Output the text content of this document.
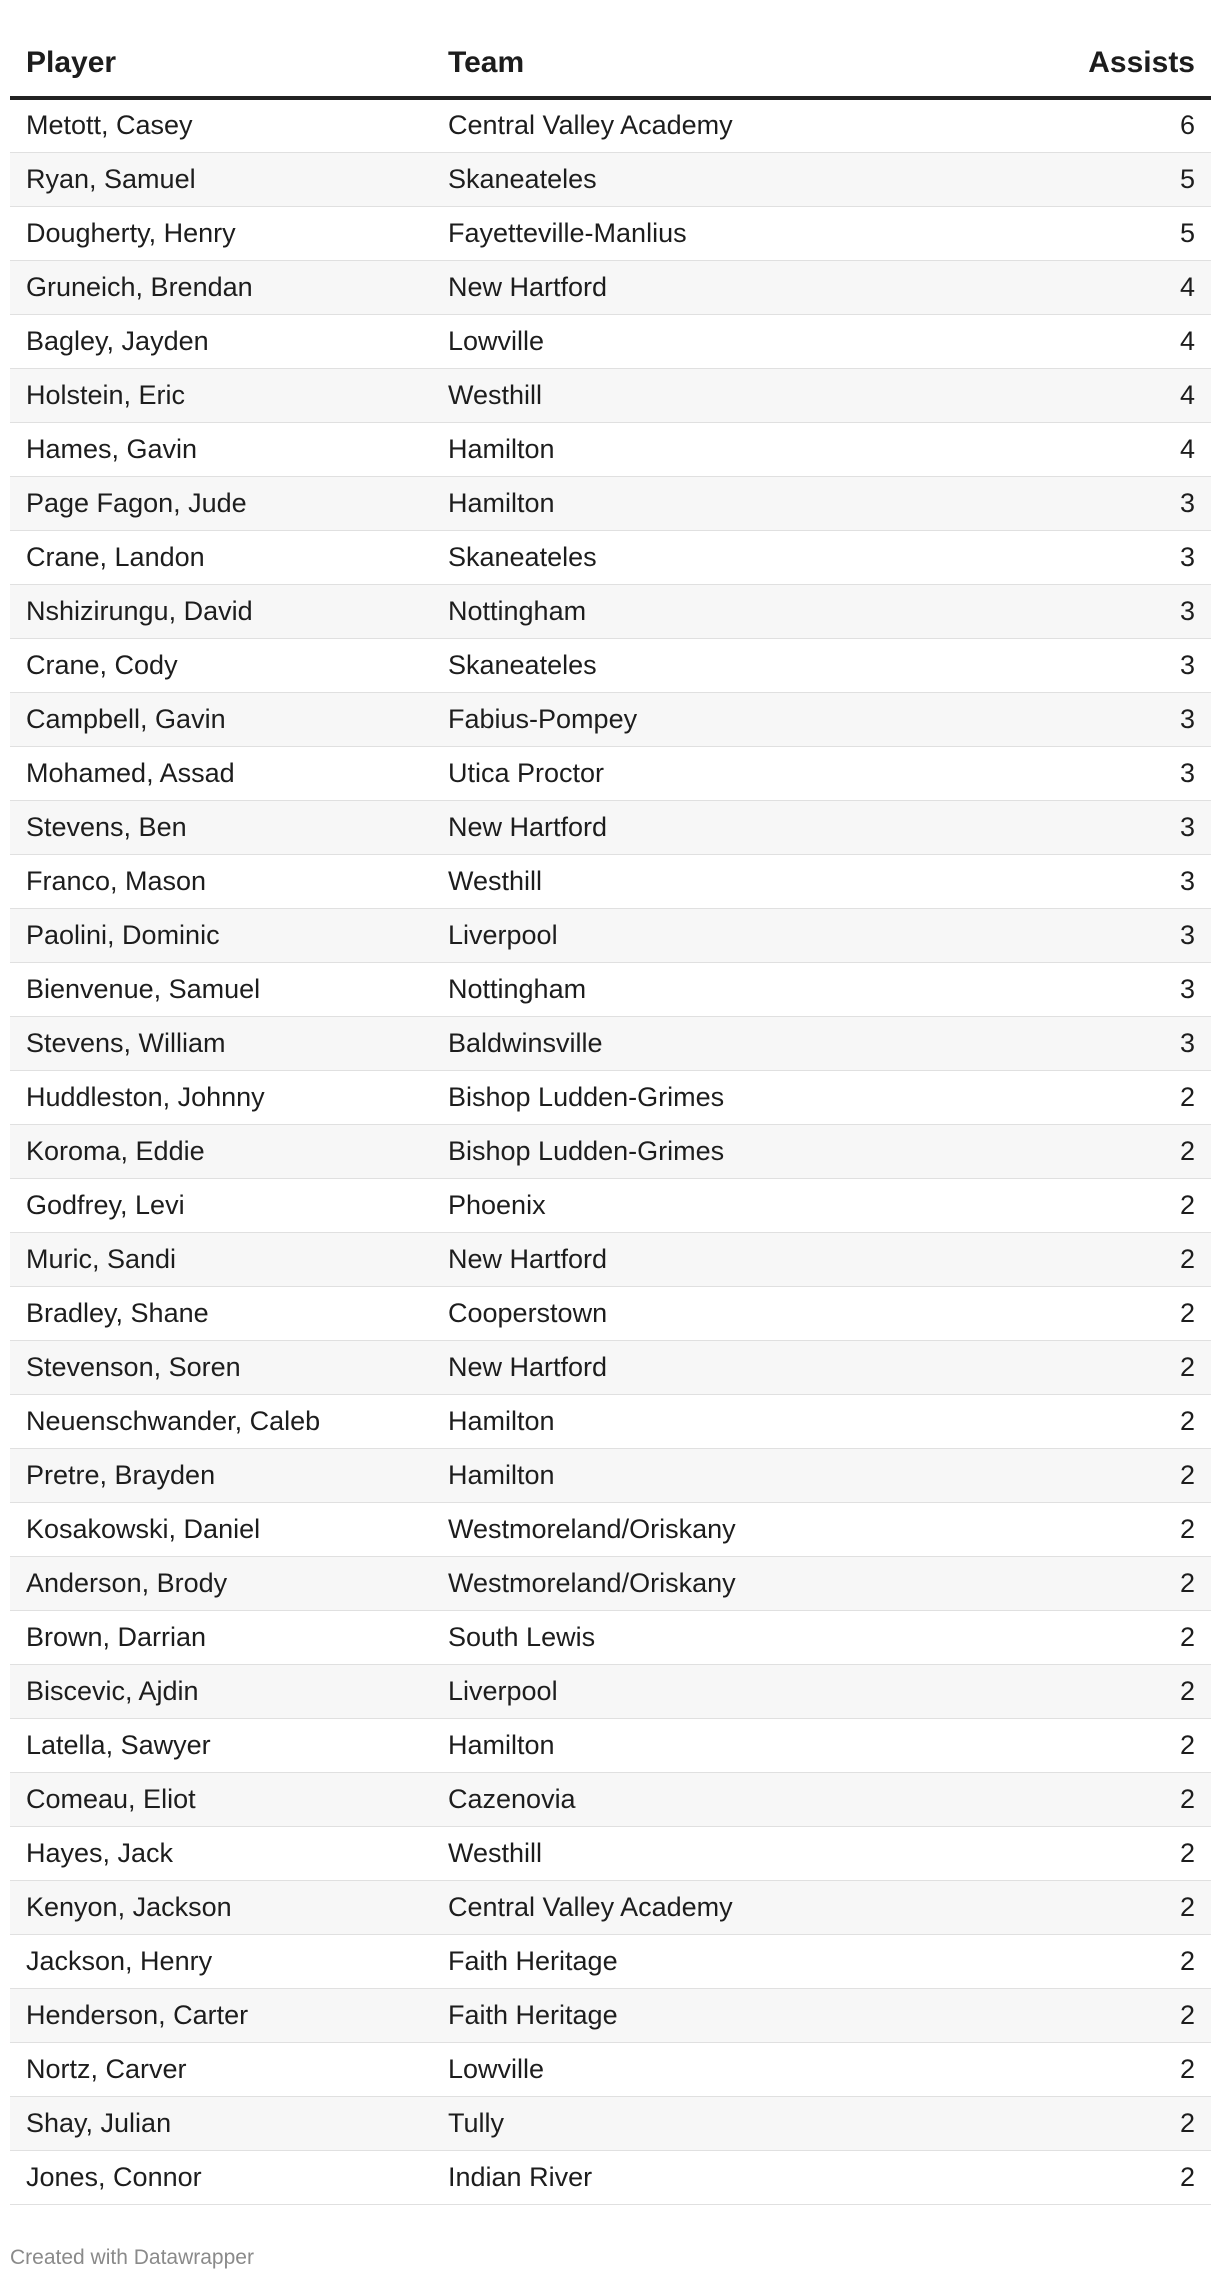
Player	Team	Assists
Metott, Casey	Central Valley Academy	6
Ryan, Samuel	Skaneateles	5
Dougherty, Henry	Fayetteville-Manlius	5
Gruneich, Brendan	New Hartford	4
Bagley, Jayden	Lowville	4
Holstein, Eric	Westhill	4
Hames, Gavin	Hamilton	4
Page Fagon, Jude	Hamilton	3
Crane, Landon	Skaneateles	3
Nshizirungu, David	Nottingham	3
Crane, Cody	Skaneateles	3
Campbell, Gavin	Fabius-Pompey	3
Mohamed, Assad	Utica Proctor	3
Stevens, Ben	New Hartford	3
Franco, Mason	Westhill	3
Paolini, Dominic	Liverpool	3
Bienvenue, Samuel	Nottingham	3
Stevens, William	Baldwinsville	3
Huddleston, Johnny	Bishop Ludden-Grimes	2
Koroma, Eddie	Bishop Ludden-Grimes	2
Godfrey, Levi	Phoenix	2
Muric, Sandi	New Hartford	2
Bradley, Shane	Cooperstown	2
Stevenson, Soren	New Hartford	2
Neuenschwander, Caleb	Hamilton	2
Pretre, Brayden	Hamilton	2
Kosakowski, Daniel	Westmoreland/Oriskany	2
Anderson, Brody	Westmoreland/Oriskany	2
Brown, Darrian	South Lewis	2
Biscevic, Ajdin	Liverpool	2
Latella, Sawyer	Hamilton	2
Comeau, Eliot	Cazenovia	2
Hayes, Jack	Westhill	2
Kenyon, Jackson	Central Valley Academy	2
Jackson, Henry	Faith Heritage	2
Henderson, Carter	Faith Heritage	2
Nortz, Carver	Lowville	2
Shay, Julian	Tully	2
Jones, Connor	Indian River	2
Created with Datawrapper
